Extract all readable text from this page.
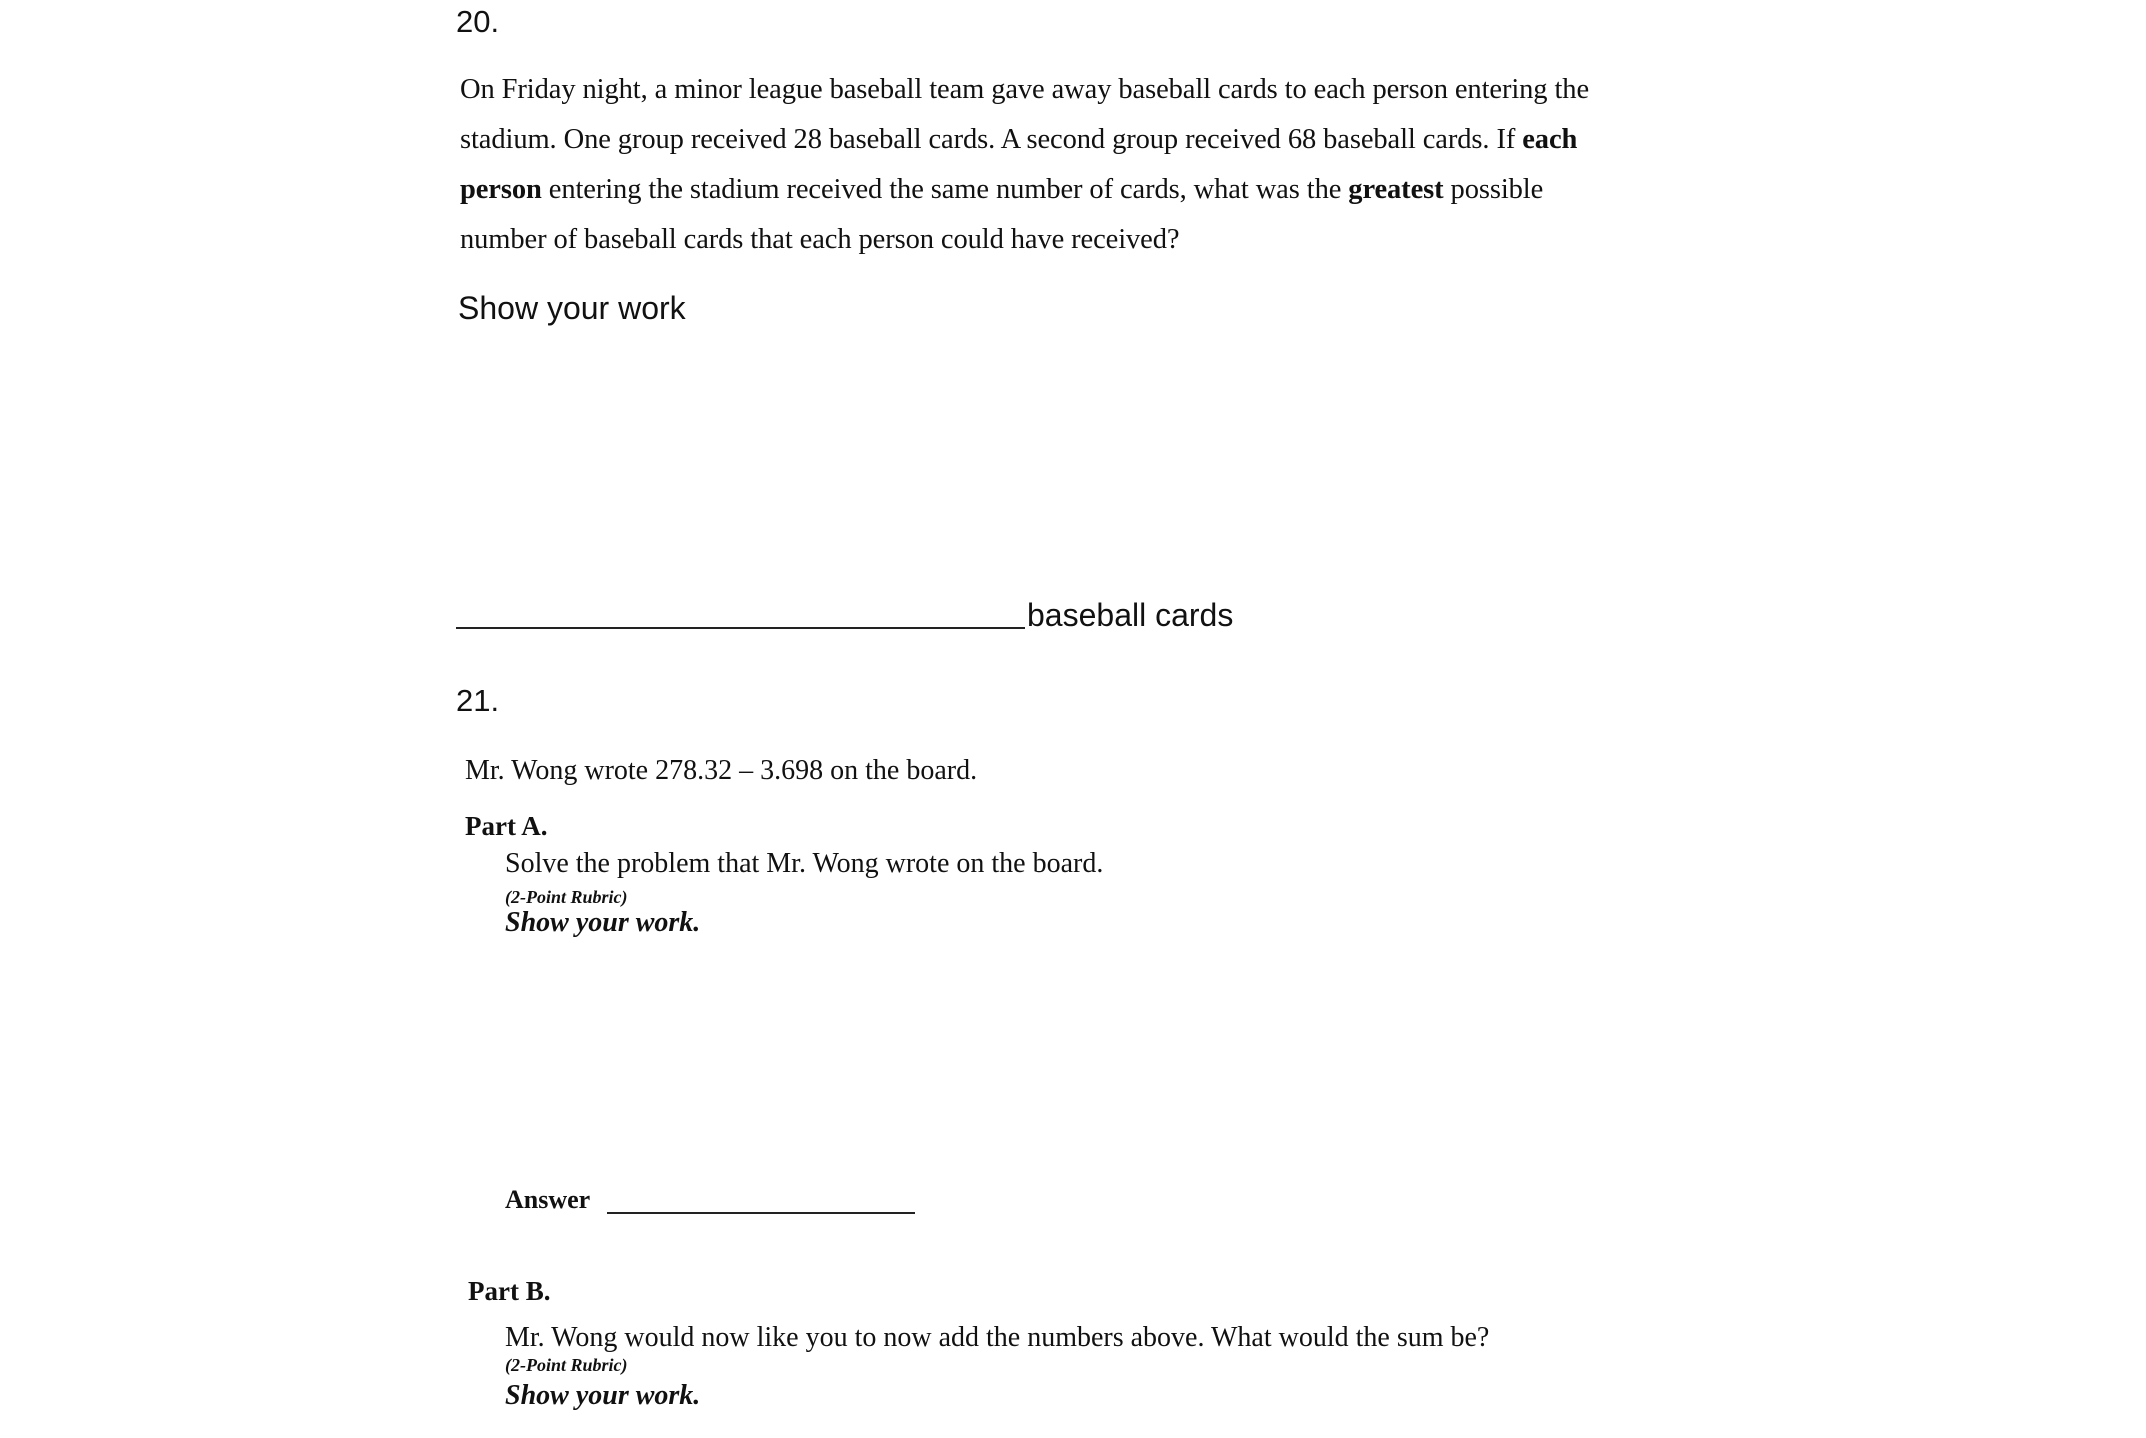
20.
On Friday night, a minor league baseball team gave away baseball cards to each person entering the
stadium. One group received 28 baseball cards. A second group received 68 baseball cards. If each
person entering the stadium received the same number of cards, what was the greatest possible
number of baseball cards that each person could have received?
Show your work
baseball cards
21.
Mr. Wong wrote 278.32 – 3.698 on the board.
Part A.
Solve the problem that Mr. Wong wrote on the board.
(2-Point Rubric)
Show your work.
Answer
Part B.
Mr. Wong would now like you to now add the numbers above. What would the sum be?
(2-Point Rubric)
Show your work.
